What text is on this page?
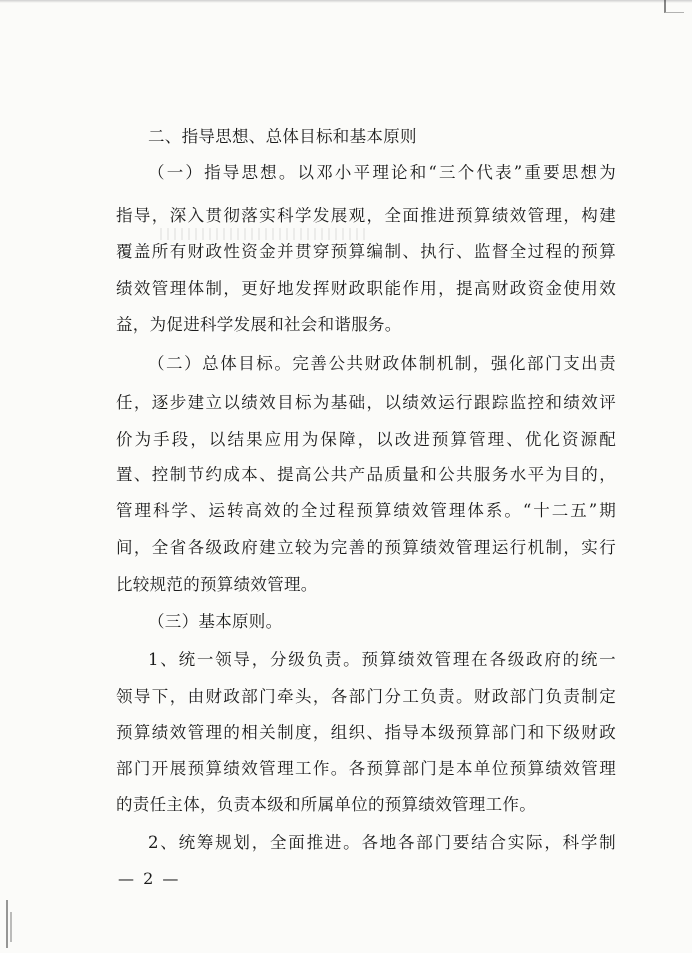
二、指导思想、总体目标和基本原则
（一）指导思想。以邓小平理论和“三个代表”重要思想为
指导，深入贯彻落实科学发展观，全面推进预算绩效管理，构建
覆盖所有财政性资金并贯穿预算编制、执行、监督全过程的预算
绩效管理体制，更好地发挥财政职能作用，提高财政资金使用效
益，为促进科学发展和社会和谐服务。
（二）总体目标。完善公共财政体制机制，强化部门支出责
任，逐步建立以绩效目标为基础，以绩效运行跟踪监控和绩效评
价为手段，以结果应用为保障，以改进预算管理、优化资源配
置、控制节约成本、提高公共产品质量和公共服务水平为目的，
管理科学、运转高效的全过程预算绩效管理体系。“十二五”期
间，全省各级政府建立较为完善的预算绩效管理运行机制，实行
比较规范的预算绩效管理。
（三）基本原则。
1、统一领导，分级负责。预算绩效管理在各级政府的统一
领导下，由财政部门牵头，各部门分工负责。财政部门负责制定
预算绩效管理的相关制度，组织、指导本级预算部门和下级财政
部门开展预算绩效管理工作。各预算部门是本单位预算绩效管理
的责任主体，负责本级和所属单位的预算绩效管理工作。
2、统筹规划，全面推进。各地各部门要结合实际，科学制
— 2 —
